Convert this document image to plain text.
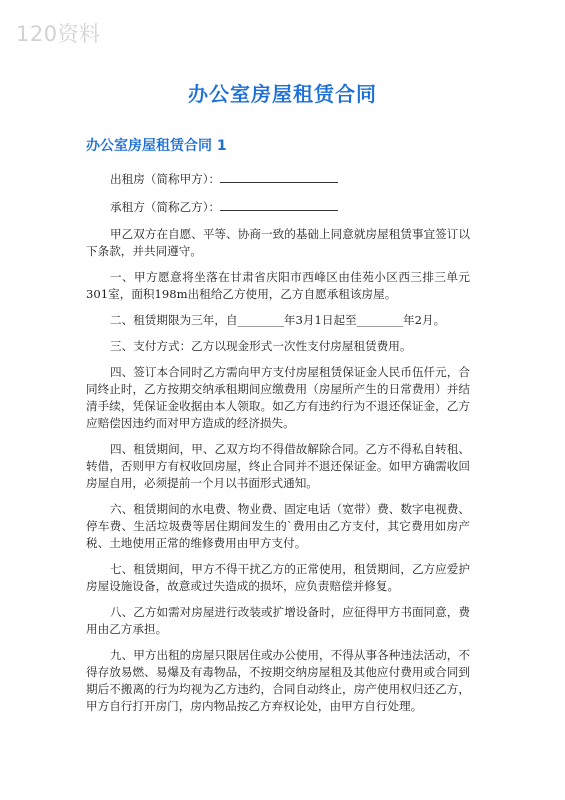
120资料
办公室房屋租赁合同
办公室房屋租赁合同 1
出租房（简称甲方）：
承租方（简称乙方）：

甲乙双方在自愿、平等、协商一致的基础上同意就房屋租赁事宜签订以下条款，并共同遵守。

一、甲方愿意将坐落在甘肃省庆阳市西峰区由佳苑小区西三排三单元301室，面积198m出租给乙方使用，乙方自愿承租该房屋。

二、租赁期限为三年，自________年3月1日起至________年2月。

三、支付方式：乙方以现金形式一次性支付房屋租赁费用。

四、签订本合同时乙方需向甲方支付房屋租赁保证金人民币伍仟元，合同终止时，乙方按期交纳承租期间应缴费用（房屋所产生的日常费用）并结清手续，凭保证金收据由本人领取。如乙方有违约行为不退还保证金，乙方应赔偿因违约而对甲方造成的经济损失。

四、租赁期间，甲、乙双方均不得借故解除合同。乙方不得私自转租、转借，否则甲方有权收回房屋，终止合同并不退还保证金。如甲方确需收回房屋自用，必须提前一个月以书面形式通知。

六、租赁期间的水电费、物业费、固定电话（宽带）费、数字电视费、停车费、生活垃圾费等居住期间发生的`费用由乙方支付，其它费用如房产税、土地使用正常的维修费用由甲方支付。

七、租赁期间，甲方不得干扰乙方的正常使用，租赁期间，乙方应爱护房屋设施设备，故意或过失造成的损坏，应负责赔偿并修复。

八、乙方如需对房屋进行改装或扩增设备时，应征得甲方书面同意，费用由乙方承担。

九、甲方出租的房屋只限居住或办公使用，不得从事各种违法活动，不得存放易燃、易爆及有毒物品，不按期交纳房屋租及其他应付费用或合同到期后不搬离的行为均视为乙方违约，合同自动终止，房产使用权归还乙方，甲方自行打开房门，房内物品按乙方弃权论处，由甲方自行处理。
